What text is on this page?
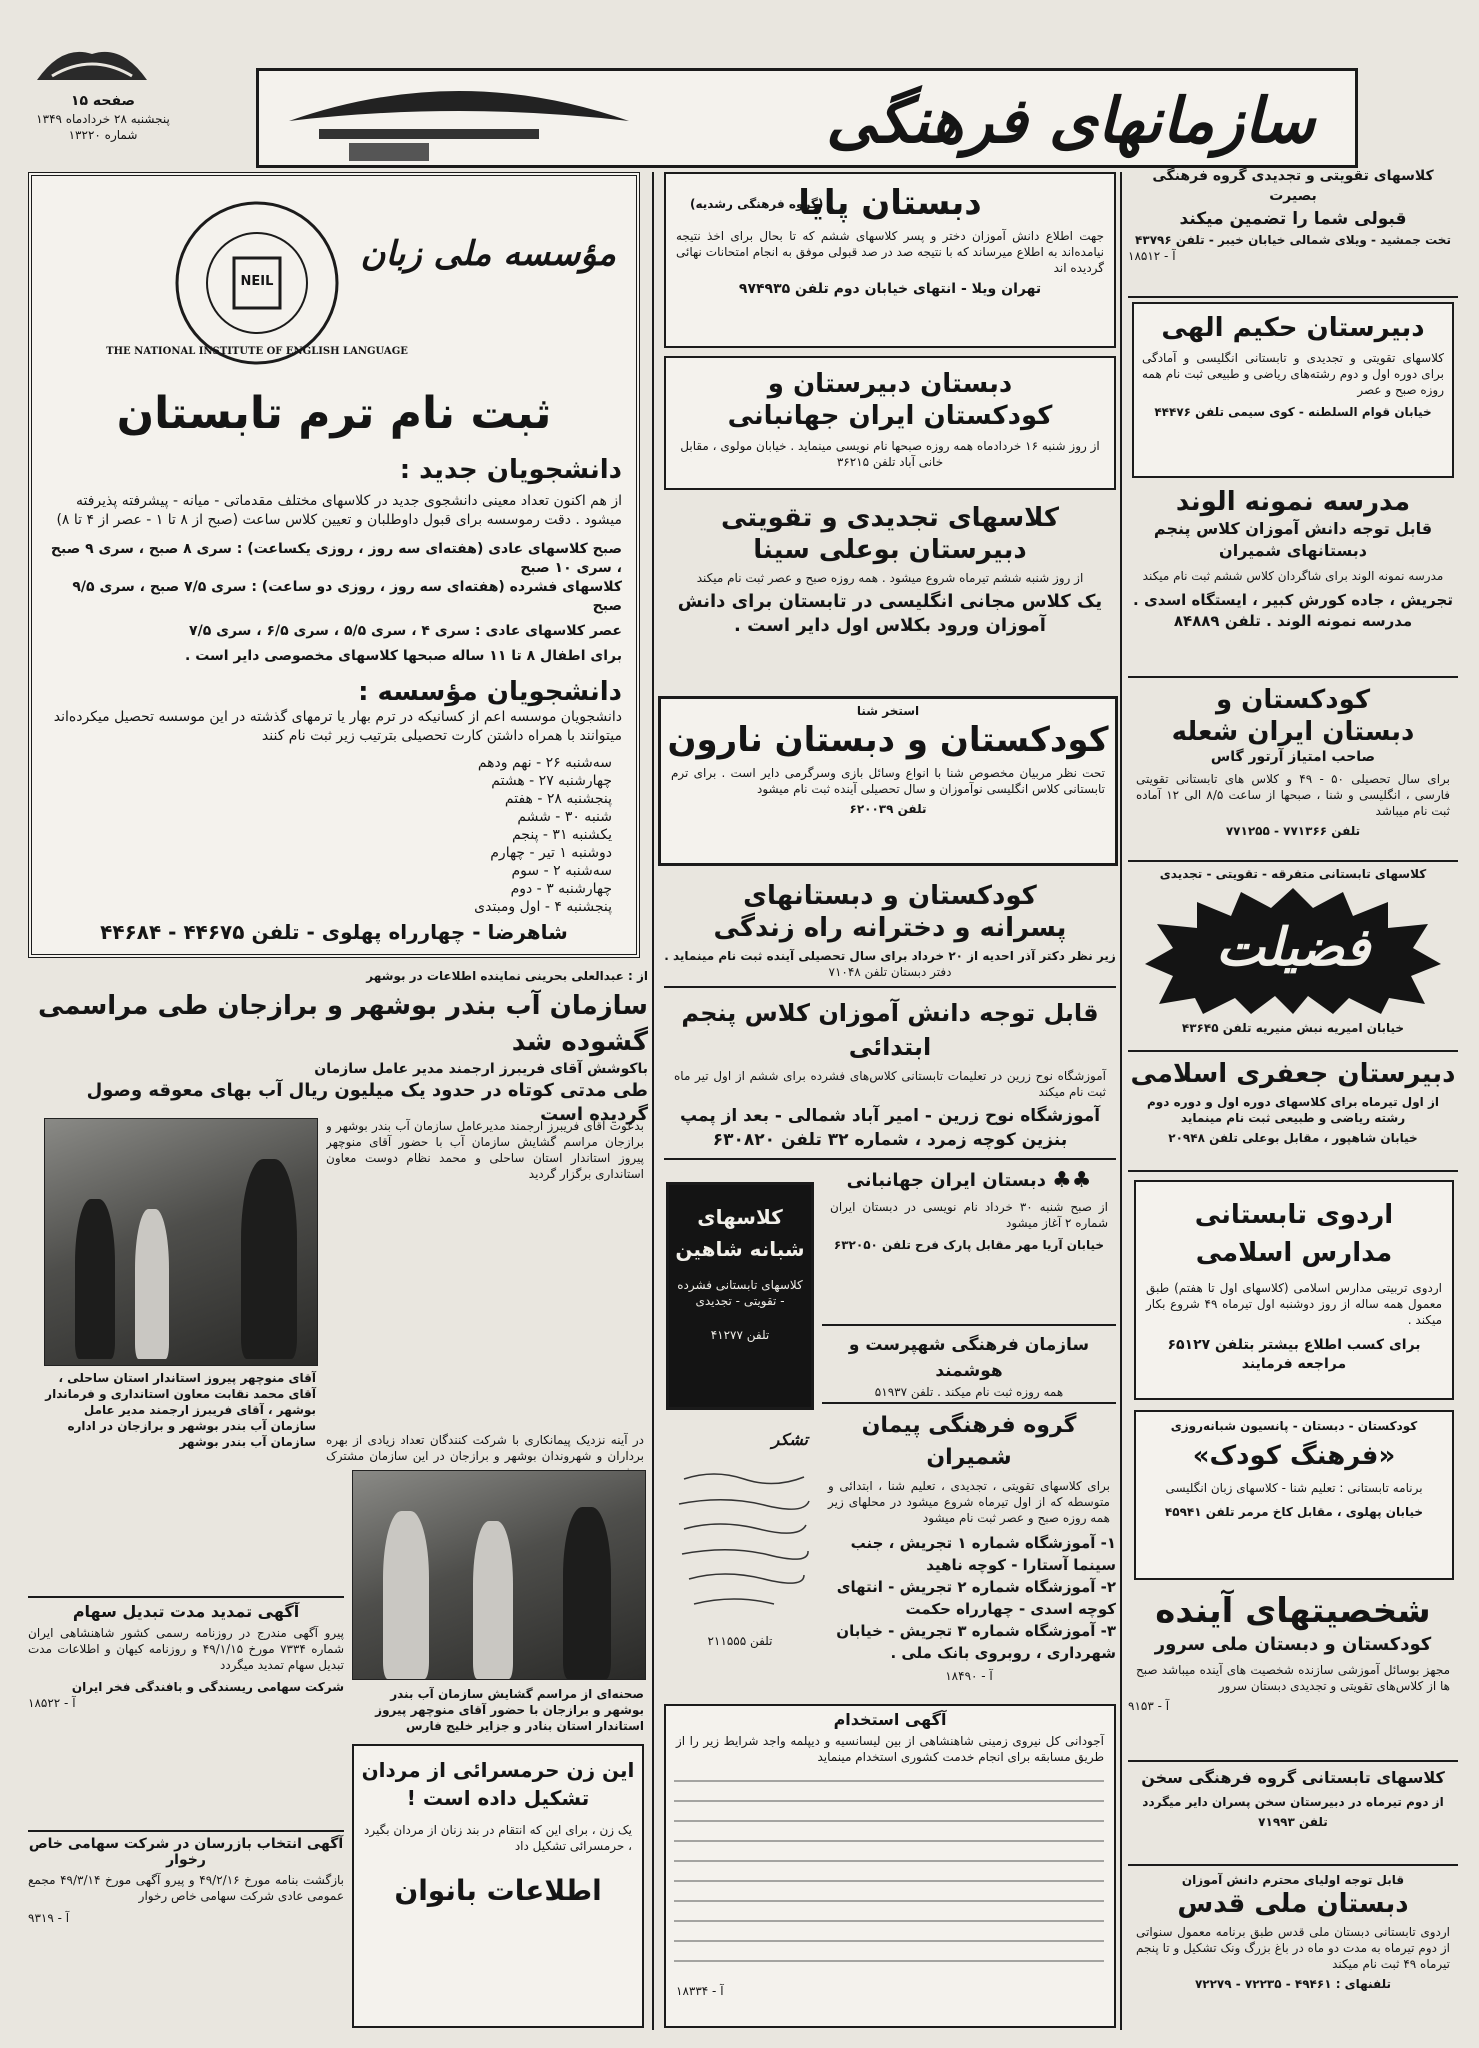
صفحه ۱۵
پنجشنبه ۲۸ خردادماه ۱۳۴۹
شماره ۱۳۲۲۰	سازمانهای فرهنگی
NEIL
THE NATIONAL INSTITUTE OF ENGLISH LANGUAGE
مؤسسه ملی زبان
ثبت نام ترم تابستان
دانشجویان جدید :
از هم اکنون تعداد معینی دانشجوی جدید در کلاسهای مختلف مقدماتی - میانه - پیشرفته پذیرفته میشود . دقت رموسسه برای قبول داوطلبان و تعیین کلاس ساعت (صبح از ۸ تا ۱ - عصر از ۴ تا ۸)
صبح کلاسهای عادی (هفته‌ای سه روز ، روزی یکساعت) : سری ۸ صبح ، سری ۹ صبح ، سری ۱۰ صبح
کلاسهای فشرده (هفته‌ای سه روز ، روزی دو ساعت) : سری ۷/۵ صبح ، سری ۹/۵ صبح
عصر کلاسهای عادی : سری ۴ ، سری ۵/۵ ، سری ۶/۵ ، سری ۷/۵
برای اطفال ۸ تا ۱۱ ساله صبحها کلاسهای مخصوصی دایر است .
دانشجویان مؤسسه :
دانشجویان موسسه اعم از کسانیکه در ترم بهار یا ترمهای گذشته در این موسسه تحصیل میکرده‌اند میتوانند با همراه داشتن کارت تحصیلی بترتیب زیر ثبت نام کنند
سه‌شنبه ۲۶ - نهم ودهم
چهارشنبه ۲۷ - هشتم
پنجشنبه ۲۸ - هفتم
شنبه ۳۰ - ششم
یکشنبه ۳۱ - پنجم
دوشنبه ۱ تیر - چهارم
سه‌شنبه ۲ - سوم
چهارشنبه ۳ - دوم
پنجشنبه ۴ - اول ومبتدی
شاهرضا - چهارراه پهلوی - تلفن ۴۴۶۷۵ - ۴۴۶۸۴
از : عبدالعلی بحرینی نماینده اطلاعات در بوشهر
سازمان آب بندر بوشهر و برازجان طی مراسمی گشوده شد
باکوشش آقای فریبرز ارجمند مدیر عامل سازمان
طی مدتی کوتاه در حدود یک میلیون ریال آب بهای معوقه وصول گردیده است
آقای منوچهر پیروز استاندار استان ساحلی ، آقای محمد نقابت معاون استانداری و فرماندار بوشهر ، آقای فریبرز ارجمند مدیر عامل سازمان آب بندر بوشهر و برازجان در اداره سازمان آب بندر بوشهر
بدعوت آقای فریبرز ارجمند مدیرعامل سازمان آب بندر بوشهر و برازجان مراسم گشایش سازمان آب با حضور آقای منوچهر پیروز استاندار استان ساحلی و محمد نظام دوست معاون استانداری برگزار گردید
در آینه نزدیک پیمانکاری با شرکت کنندگان تعداد زیادی از بهره برداران و شهروندان بوشهر و برازجان در این سازمان مشترک
صحنه‌ای از مراسم گشایش سازمان آب بندر بوشهر و برازجان با حضور آقای منوچهر پیروز استاندار استان بنادر و جزایر خلیج فارس
آگهی تمدید مدت تبدیل سهام
پیرو آگهی مندرج در روزنامه رسمی کشور شاهنشاهی ایران شماره ۷۳۳۴ مورخ ۴۹/۱/۱۵ و روزنامه کیهان و اطلاعات مدت تبدیل سهام تمدید میگردد
شرکت سهامی ریسندگی و بافندگی فخر ایران
آ - ۱۸۵۲۲
آگهی انتخاب بازرسان در شرکت سهامی خاص رخوار
بازگشت بنامه مورخ ۴۹/۲/۱۶ و پیرو آگهی مورخ ۴۹/۳/۱۴ مجمع عمومی عادی شرکت سهامی خاص رخوار
آ - ۹۳۱۹
این زن حرمسرائی از مردان تشکیل داده است !
یک زن ، برای این که انتقام در بند زنان از مردان بگیرد ، حرمسرائی تشکیل داد
اطلاعات بانوان
دبستان پایا
(گروه فرهنگی رشدیه)
جهت اطلاع دانش آموزان دختر و پسر کلاسهای ششم که تا بحال برای اخذ نتیجه نیامده‌اند به اطلاع میرساند که با نتیجه صد در صد قبولی موفق به انجام امتحانات نهائی گردیده اند
تهران ویلا - انتهای خیابان دوم تلفن ۹۷۴۹۳۵
دبستان دبیرستان و کودکستان ایران جهانبانی
از روز شنبه ۱۶ خردادماه همه روزه صبحها نام نویسی مینماید . خیابان مولوی ، مقابل خانی آباد تلفن ۳۶۲۱۵
کلاسهای تجدیدی و تقویتی دبیرستان بوعلی سینا
از روز شنبه ششم تیرماه شروع میشود . همه روزه صبح و عصر ثبت نام میکند
یک کلاس مجانی انگلیسی در تابستان برای دانش آموزان ورود بکلاس اول دایر است .
استخر شنا
کودکستان و دبستان نارون
تحت نظر مربیان مخصوص شنا با انواع وسائل بازی وسرگرمی دایر است . برای ترم تابستانی کلاس انگلیسی نوآموزان و سال تحصیلی آینده ثبت نام میشود
تلفن ۶۲۰۰۳۹
کودکستان و دبستانهای پسرانه و دخترانه راه زندگی
زیر نظر دکتر آذر احدیه از ۲۰ خرداد برای سال تحصیلی آینده ثبت نام مینماید .
دفتر دبستان تلفن ۷۱۰۴۸
قابل توجه دانش آموزان کلاس پنجم ابتدائی
آموزشگاه نوح زرین در تعلیمات تابستانی کلاس‌های فشرده برای ششم از اول تیر ماه ثبت نام میکند
آموزشگاه نوح زرین - امیر آباد شمالی - بعد از پمپ بنزین کوچه زمرد ، شماره ۳۲ تلفن ۶۳۰۸۲۰
کلاسهای شبانه شاهین
کلاسهای تابستانی فشرده - تقویتی - تجدیدی
تلفن ۴۱۲۷۷
♣♣
دبستان ایران جهانبانی
از صبح شنبه ۳۰ خرداد نام نویسی در دبستان ایران شماره ۲ آغاز میشود
خیابان آریا مهر مقابل پارک فرح تلفن ۶۳۲۰۵۰
سازمان فرهنگی شهپرست و هوشمند
همه روزه ثبت نام میکند . تلفن ۵۱۹۳۷
گروه فرهنگی پیمان شمیران
برای کلاسهای تقویتی ، تجدیدی ، تعلیم شنا ، ابتدائی و متوسطه که از اول تیرماه شروع میشود در محلهای زیر همه روزه صبح و عصر ثبت نام میشود
۱- آموزشگاه شماره ۱ تجریش ، جنب سینما آستارا - کوچه ناهید
۲- آموزشگاه شماره ۲ تجریش - انتهای کوچه اسدی - چهارراه حکمت
۳- آموزشگاه شماره ۳ تجریش - خیابان شهرداری ، روبروی بانک ملی .
آ - ۱۸۴۹۰
تشکر
تلفن ۲۱۱۵۵۵
آگهی استخدام
آجودانی کل نیروی زمینی شاهنشاهی از بین لیسانسیه و دیپلمه واجد شرایط زیر را از طریق مسابقه برای انجام خدمت کشوری استخدام مینماید
آ - ۱۸۳۳۴
کلاسهای تقویتی و تجدیدی گروه فرهنگی بصیرت
قبولی شما را تضمین میکند
تخت جمشید - ویلای شمالی خیابان خیبر - تلفن ۴۳۷۹۶
آ - ۱۸۵۱۲
دبیرستان حکیم الهی
کلاسهای تقویتی و تجدیدی و تابستانی انگلیسی و آمادگی برای دوره اول و دوم رشته‌های ریاضی و طبیعی ثبت نام همه روزه صبح و عصر
خیابان قوام السلطنه - کوی سیمی تلفن ۴۴۴۷۶
مدرسه نمونه الوند
قابل توجه دانش آموزان کلاس پنجم دبستانهای شمیران
مدرسه نمونه الوند برای شاگردان کلاس ششم ثبت نام میکند
تجریش ، جاده کورش کبیر ، ایستگاه اسدی . مدرسه نمونه الوند . تلفن ۸۴۸۸۹
کودکستان و دبستان ایران شعله
صاحب امتیاز آرتور گاس
برای سال تحصیلی ۵۰ - ۴۹ و کلاس های تابستانی تقویتی فارسی ، انگلیسی و شنا ، صبحها از ساعت ۸/۵ الی ۱۲ آماده ثبت نام میباشد
تلفن ۷۷۱۳۶۶ - ۷۷۱۲۵۵
کلاسهای تابستانی متفرقه - تقویتی - تجدیدی
فضیلت
خیابان امیریه نبش منیریه تلفن ۴۳۶۴۵
دبیرستان جعفری اسلامی
از اول تیرماه برای کلاسهای دوره اول و دوره دوم رشته ریاضی و طبیعی ثبت نام مینماید
خیابان شاهپور ، مقابل بوعلی تلفن ۲۰۹۴۸
اردوی تابستانی مدارس اسلامی
اردوی تربیتی مدارس اسلامی (کلاسهای اول تا هفتم) طبق معمول همه ساله از روز دوشنبه اول تیرماه ۴۹ شروع بکار میکند .
برای کسب اطلاع بیشتر بتلفن ۶۵۱۲۷ مراجعه فرمایند
کودکستان - دبستان - پانسیون شبانه‌روزی
«فرهنگ کودک»
برنامه تابستانی : تعلیم شنا - کلاسهای زبان انگلیسی
خیابان پهلوی ، مقابل کاخ مرمر تلفن ۴۵۹۴۱
شخصیتهای آینده
کودکستان و دبستان ملی سرور
مجهز بوسائل آموزشی سازنده شخصیت های آینده میباشد صبح ها از کلاس‌های تقویتی و تجدیدی دبستان سرور
آ - ۹۱۵۳
کلاسهای تابستانی گروه فرهنگی سخن
از دوم تیرماه در دبیرستان سخن پسران دایر میگردد
تلفن ۷۱۹۹۳
قابل توجه اولیای محترم دانش آموزان
دبستان ملی قدس
اردوی تابستانی دبستان ملی قدس طبق برنامه معمول سنواتی از دوم تیرماه به مدت دو ماه در باغ بزرگ ونک تشکیل و تا پنجم تیرماه ۴۹ ثبت نام میکند
تلفنهای : ۴۹۴۶۱ - ۷۲۲۳۵ - ۷۲۲۷۹
